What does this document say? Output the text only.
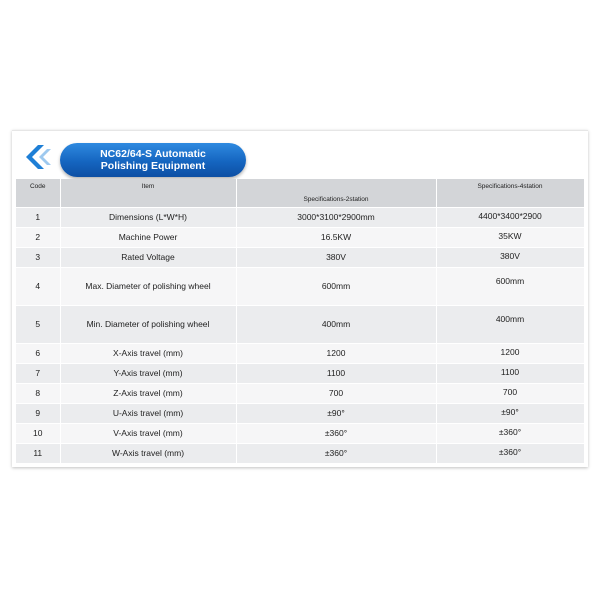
NC62/64-S Automatic
Polishing Equipment
Code	Item	Specifications-2station	Specifications-4station
1	Dimensions (L*W*H)	3000*3100*2900mm	4400*3400*2900
2	Machine Power	16.5KW	35KW
3	Rated Voltage	380V	380V
4	Max. Diameter of polishing wheel	600mm	600mm
5	Min. Diameter of polishing wheel	400mm	400mm
6	X-Axis travel (mm)	1200	1200
7	Y-Axis travel (mm)	1100	1100
8	Z-Axis travel (mm)	700	700
9	U-Axis travel (mm)	±90°	±90°
10	V-Axis travel (mm)	±360°	±360°
11	W-Axis travel (mm)	±360°	±360°
